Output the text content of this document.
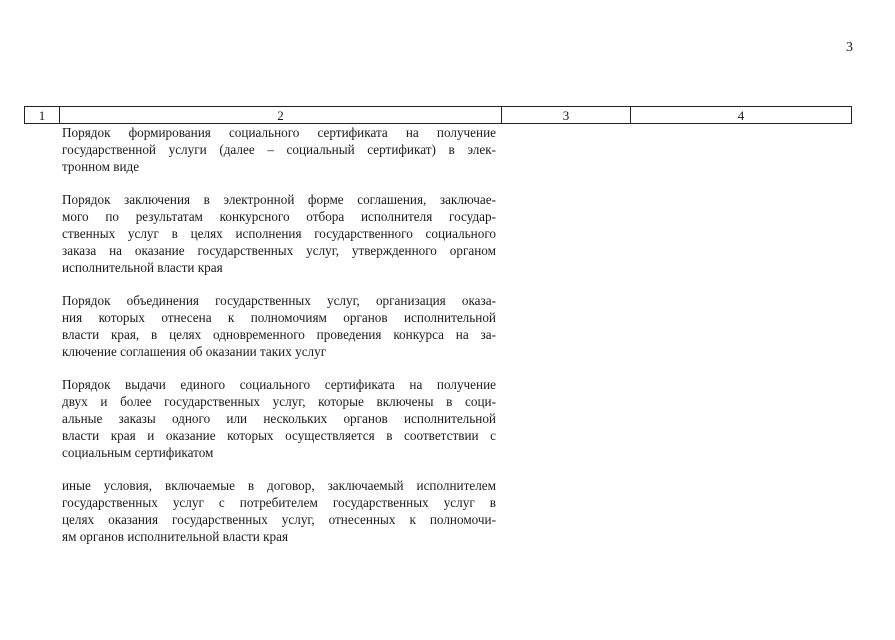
3
1	2	3	4

Порядок формирования социального сертификата на получение
государственной услуги (далее – социальный сертификат) в элек-
тронном виде

Порядок заключения в электронной форме соглашения, заключае-
мого по результатам конкурсного отбора исполнителя государ-
ственных услуг в целях исполнения государственного социального
заказа на оказание государственных услуг, утвержденного органом
исполнительной власти края

Порядок объединения государственных услуг, организация оказа-
ния которых отнесена к полномочиям органов исполнительной
власти края, в целях одновременного проведения конкурса на за-
ключение соглашения об оказании таких услуг

Порядок выдачи единого социального сертификата на получение
двух и более государственных услуг, которые включены в соци-
альные заказы одного или нескольких органов исполнительной
власти края и оказание которых осуществляется в соответствии с
социальным сертификатом

иные условия, включаемые в договор, заключаемый исполнителем
государственных услуг с потребителем государственных услуг в
целях оказания государственных услуг, отнесенных к полномочи-
ям органов исполнительной власти края
